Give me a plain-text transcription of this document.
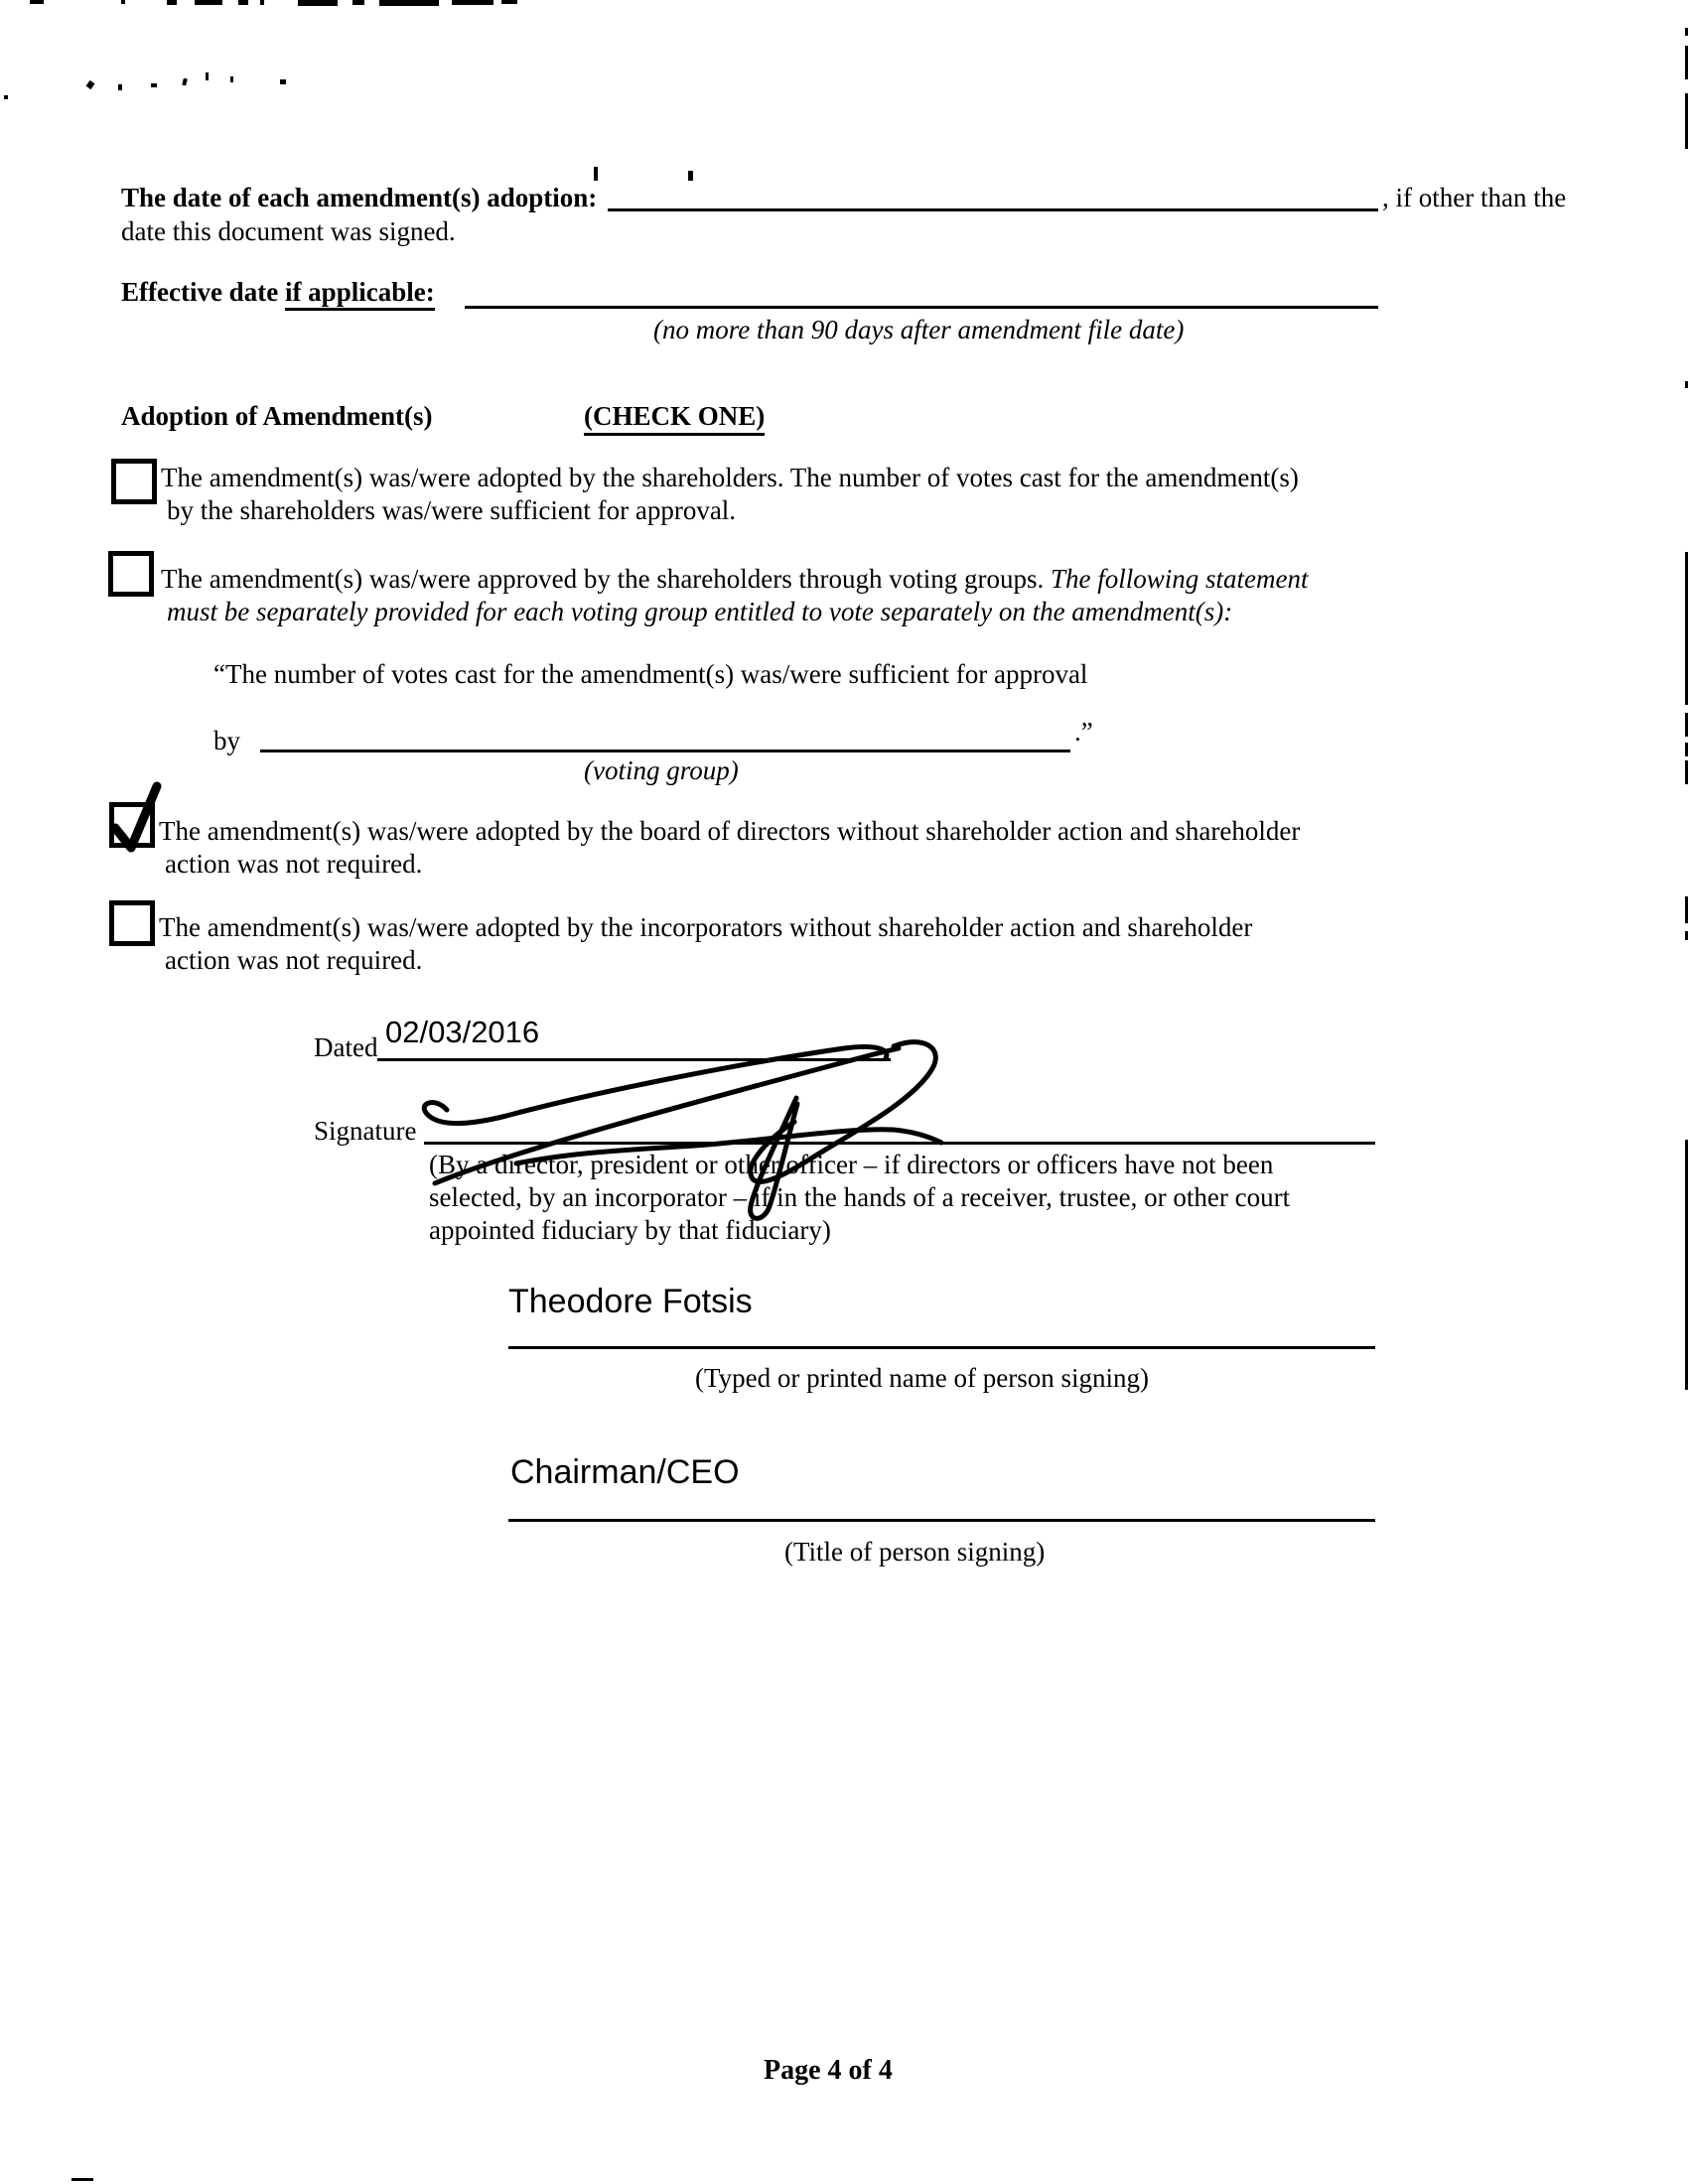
The date of each amendment(s) adoption:	, if other than the
date this document was signed.
Effective date if applicable:
(no more than 90 days after amendment file date)
Adoption of Amendment(s)	(CHECK ONE)
The amendment(s) was/were adopted by the shareholders. The number of votes cast for the amendment(s)
by the shareholders was/were sufficient for approval.
The amendment(s) was/were approved by the shareholders through voting groups. The following statement
must be separately provided for each voting group entitled to vote separately on the amendment(s):
“The number of votes cast for the amendment(s) was/were sufficient for approval
by	.”
(voting group)
The amendment(s) was/were adopted by the board of directors without shareholder action and shareholder
action was not required.
The amendment(s) was/were adopted by the incorporators without shareholder action and shareholder
action was not required.
Dated 02/03/2016
Signature
(By a director, president or other officer – if directors or officers have not been
selected, by an incorporator – if in the hands of a receiver, trustee, or other court
appointed fiduciary by that fiduciary)
Theodore Fotsis
(Typed or printed name of person signing)
Chairman/CEO
(Title of person signing)
Page 4 of 4
